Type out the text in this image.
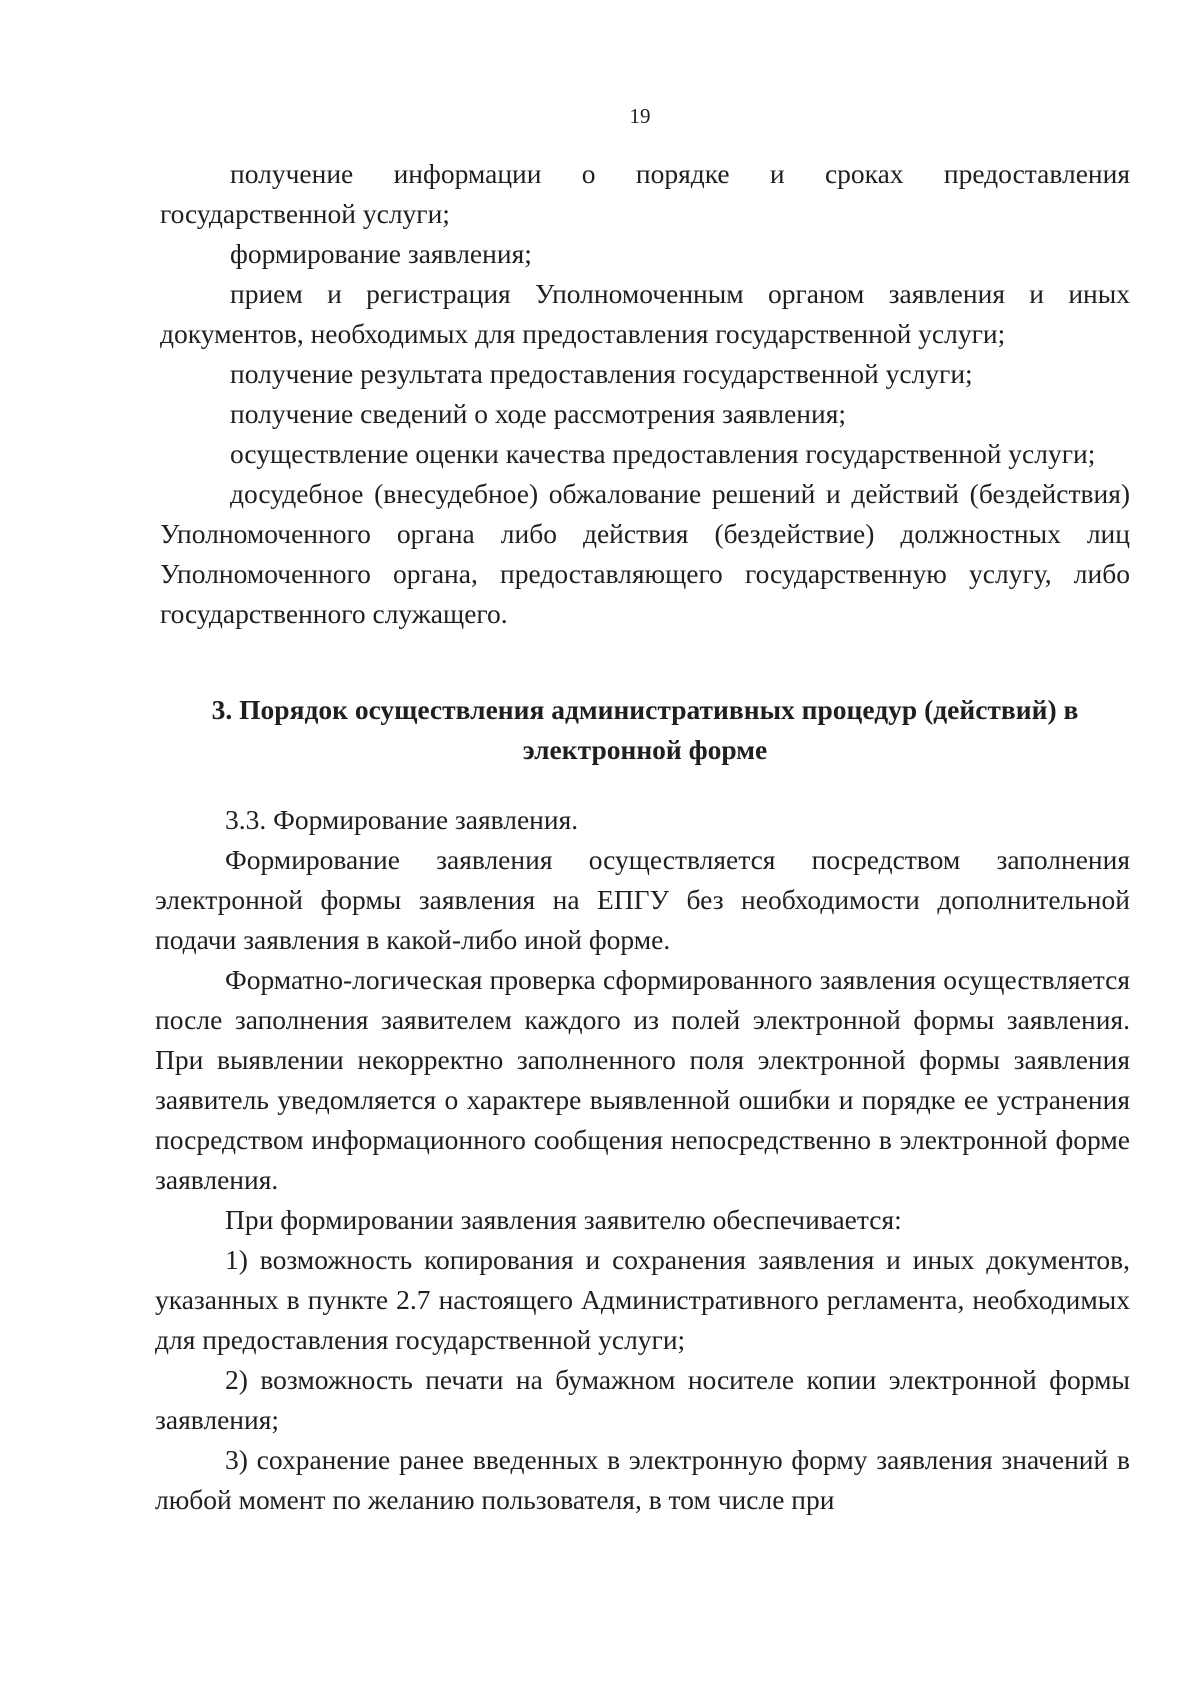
19

получение информации о порядке и сроках предоставления государственной услуги;

формирование заявления;

прием и регистрация Уполномоченным органом заявления и иных документов, необходимых для предоставления государственной услуги;

получение результата предоставления государственной услуги;

получение сведений о ходе рассмотрения заявления;

осуществление оценки качества предоставления государственной услуги;

досудебное (внесудебное) обжалование решений и действий (бездействия) Уполномоченного органа либо действия (бездействие) должностных лиц Уполномоченного органа, предоставляющего государственную услугу, либо государственного служащего.

3. Порядок осуществления административных процедур (действий) в
электронной форме

3.3. Формирование заявления.

Формирование заявления осуществляется посредством заполнения электронной формы заявления на ЕПГУ без необходимости дополнительной подачи заявления в какой-либо иной форме.

Форматно-логическая проверка сформированного заявления осуществляется после заполнения заявителем каждого из полей электронной формы заявления. При выявлении некорректно заполненного поля электронной формы заявления заявитель уведомляется о характере выявленной ошибки и порядке ее устранения посредством информационного сообщения непосредственно в электронной форме заявления.

При формировании заявления заявителю обеспечивается:

1) возможность копирования и сохранения заявления и иных документов, указанных в пункте 2.7 настоящего Административного регламента, необходимых для предоставления государственной услуги;

2) возможность печати на бумажном носителе копии электронной формы заявления;

3) сохранение ранее введенных в электронную форму заявления значений в любой момент по желанию пользователя, в том числе при
